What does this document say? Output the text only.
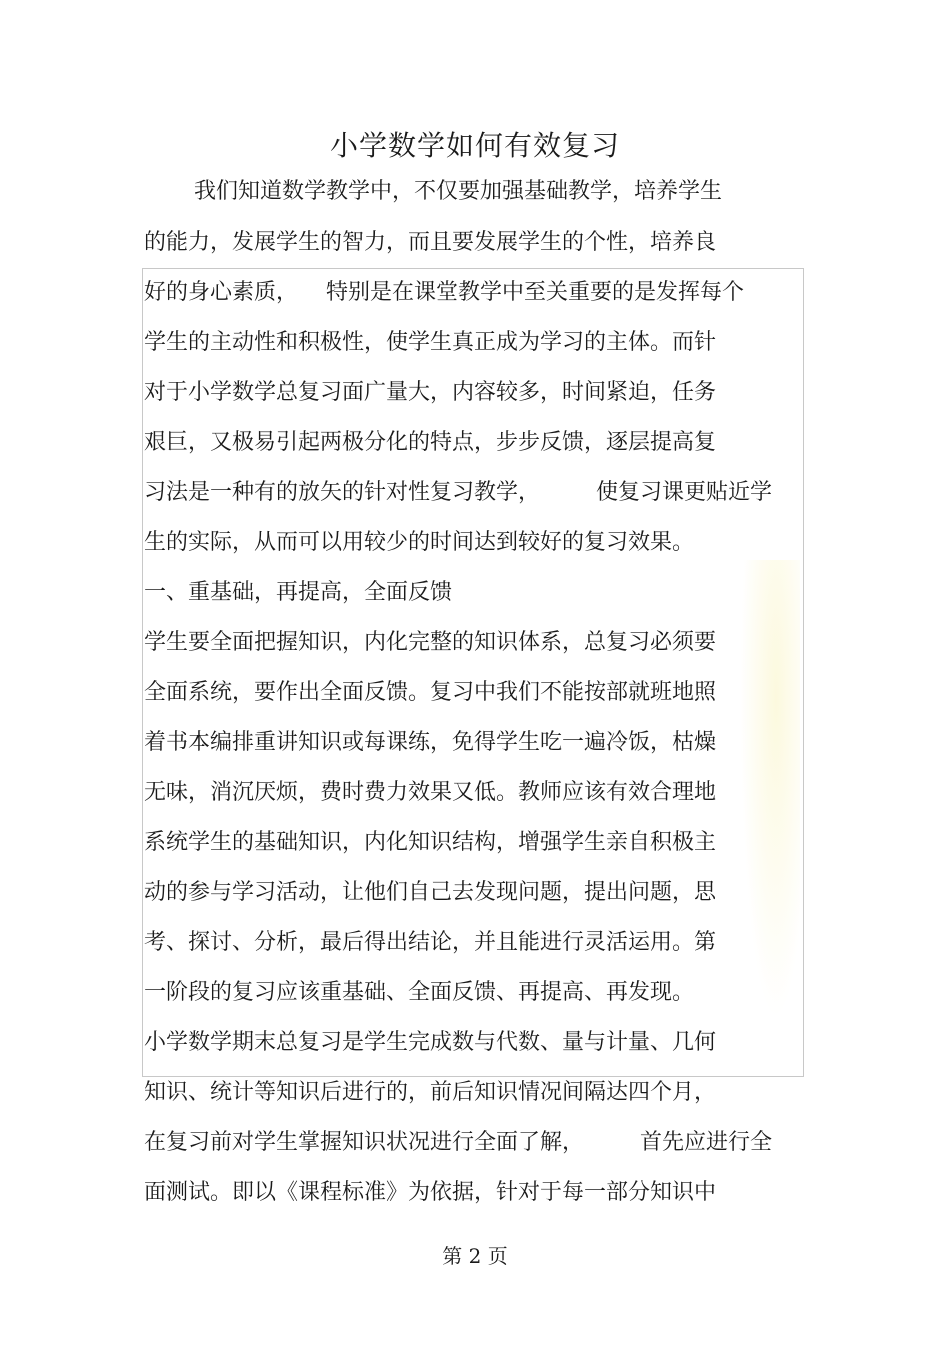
小学数学如何有效复习
我们知道数学教学中，不仅要加强基础教学，培养学生
的能力，发展学生的智力，而且要发展学生的个性，培养良
好的身心素质，    特别是在课堂教学中至关重要的是发挥每个
学生的主动性和积极性，使学生真正成为学习的主体。而针
对于小学数学总复习面广量大，内容较多，时间紧迫，任务
艰巨，又极易引起两极分化的特点，步步反馈，逐层提高复
习法是一种有的放矢的针对性复习教学，        使复习课更贴近学
生的实际，从而可以用较少的时间达到较好的复习效果。
一、重基础，再提高，全面反馈
学生要全面把握知识，内化完整的知识体系，总复习必须要
全面系统，要作出全面反馈。复习中我们不能按部就班地照
着书本编排重讲知识或每课练，免得学生吃一遍冷饭，枯燥
无味，消沉厌烦，费时费力效果又低。教师应该有效合理地
系统学生的基础知识，内化知识结构，增强学生亲自积极主
动的参与学习活动，让他们自己去发现问题，提出问题，思
考、探讨、分析，最后得出结论，并且能进行灵活运用。第
一阶段的复习应该重基础、全面反馈、再提高、再发现。
小学数学期末总复习是学生完成数与代数、量与计量、几何
知识、统计等知识后进行的，前后知识情况间隔达四个月，
在复习前对学生掌握知识状况进行全面了解，        首先应进行全
面测试。即以《课程标准》为依据，针对于每一部分知识中
第 2 页
